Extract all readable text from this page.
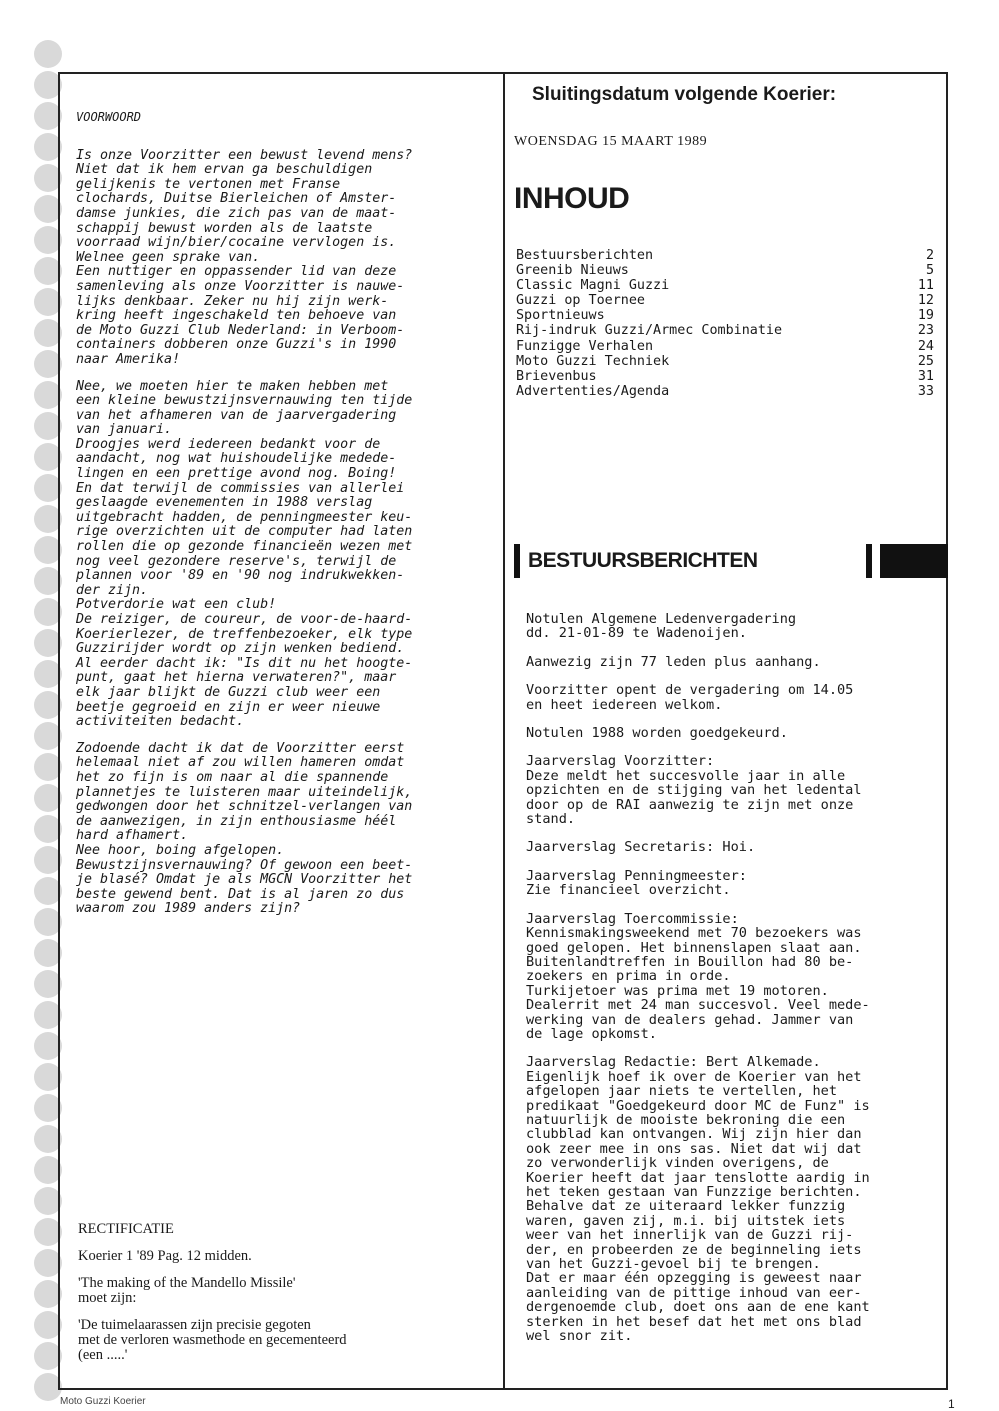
VOORWOORD

Is onze Voorzitter een bewust levend mens?

Niet dat ik hem ervan ga beschuldigen

gelijkenis te vertonen met Franse

clochards, Duitse Bierleichen of Amster-

damse junkies, die zich pas van de maat-

schappij bewust worden als de laatste

voorraad wijn/bier/cocaine vervlogen is.

Welnee geen sprake van.

Een nuttiger en oppassender lid van deze

samenleving als onze Voorzitter is nauwe-

lijks denkbaar. Zeker nu hij zijn werk-

kring heeft ingeschakeld ten behoeve van

de Moto Guzzi Club Nederland: in Verboom-

containers dobberen onze Guzzi's in 1990

naar Amerika!

Nee, we moeten hier te maken hebben met

een kleine bewustzijnsvernauwing ten tijde

van het afhameren van de jaarvergadering

van januari.

Droogjes werd iedereen bedankt voor de

aandacht, nog wat huishoudelijke mededе-

lingen en een prettige avond nog. Boing!

En dat terwijl de commissies van allerlei

geslaagde evenementen in 1988 verslag

uitgebracht hadden, de penningmeester keu-

rige overzichten uit de computer had laten

rollen die op gezonde financieën wezen met

nog veel gezondere reserve's, terwijl de

plannen voor '89 en '90 nog indrukwekken-

der zijn.

Potverdorie wat een club!

De reiziger, de coureur, de voor-de-haard-

Koerierlezer, de treffenbezoeker, elk type

Guzzirijder wordt op zijn wenken bediend.

Al eerder dacht ik: "Is dit nu het hoogte-

punt, gaat het hierna verwateren?", maar

elk jaar blijkt de Guzzi club weer een

beetje gegroeid en zijn er weer nieuwe

activiteiten bedacht.

Zodoende dacht ik dat de Voorzitter eerst

helemaal niet af zou willen hameren omdat

het zo fijn is om naar al die spannende

plannetjes te luisteren maar uiteindelijk,

gedwongen door het schnitzel-verlangen van

de aanwezigen, in zijn enthousiasme héél

hard afhamert.

Nee hoor, boing afgelopen.

Bewustzijnsvernauwing? Of gewoon een beet-

je blasé? Omdat je als MGCN Voorzitter het

beste gewend bent. Dat is al jaren zo dus

waarom zou 1989 anders zijn?

RECTIFICATIE

Koerier 1 '89 Pag. 12 midden.

'The making of the Mandello Missile'

moet zijn:

'De tuimelaarassen zijn precisie gegoten

met de verloren wasmethode en gecementeerd

(een .....'

Sluitingsdatum volgende Koerier:
WOENSDAG 15 MAART 1989
INHOUD
Bestuursberichten	2
Greenib Nieuws	5
Classic Magni Guzzi	11
Guzzi op Toernee	12
Sportnieuws	19
Rij-indruk Guzzi/Armec Combinatie	23
Funzigge Verhalen	24
Moto Guzzi Techniek	25
Brievenbus	31
Advertenties/Agenda	33
BESTUURSBERICHTEN

Notulen Algemene Ledenvergadering

dd. 21-01-89 te Wadenoijen.

Aanwezig zijn 77 leden plus aanhang.

Voorzitter opent de vergadering om 14.05

en heet iedereen welkom.

Notulen 1988 worden goedgekeurd.

Jaarverslag Voorzitter:

Deze meldt het succesvolle jaar in alle

opzichten en de stijging van het ledental

door op de RAI aanwezig te zijn met onze

stand.

Jaarverslag Secretaris: Hoi.

Jaarverslag Penningmeester:

Zie financieel overzicht.

Jaarverslag Toercommissie:

Kennismakingsweekend met 70 bezoekers was

goed gelopen. Het binnenslapen slaat aan.

Buitenlandtreffen in Bouillon had 80 be-

zoekers en prima in orde.

Turkijetoer was prima met 19 motoren.

Dealerrit met 24 man succesvol. Veel mede-

werking van de dealers gehad. Jammer van

de lage opkomst.

Jaarverslag Redactie: Bert Alkemade.

Eigenlijk hoef ik over de Koerier van het

afgelopen jaar niets te vertellen, het

predikaat "Goedgekeurd door MC de Funz" is

natuurlijk de mooiste bekroning die een

clubblad kan ontvangen. Wij zijn hier dan

ook zeer mee in ons sas. Niet dat wij dat

zo verwonderlijk vinden overigens, de

Koerier heeft dat jaar tenslotte aardig in

het teken gestaan van Funzzige berichten.

Behalve dat ze uiteraard lekker funzzig

waren, gaven zij, m.i. bij uitstek iets

weer van het innerlijk van de Guzzi rij-

der, en probeerden ze de beginneling iets

van het Guzzi-gevoel bij te brengen.

Dat er maar één opzegging is geweest naar

aanleiding van de pittige inhoud van eer-

dergenoemde club, doet ons aan de ene kant

sterken in het besef dat het met ons blad

wel snor zit.

Moto Guzzi Koerier	1
